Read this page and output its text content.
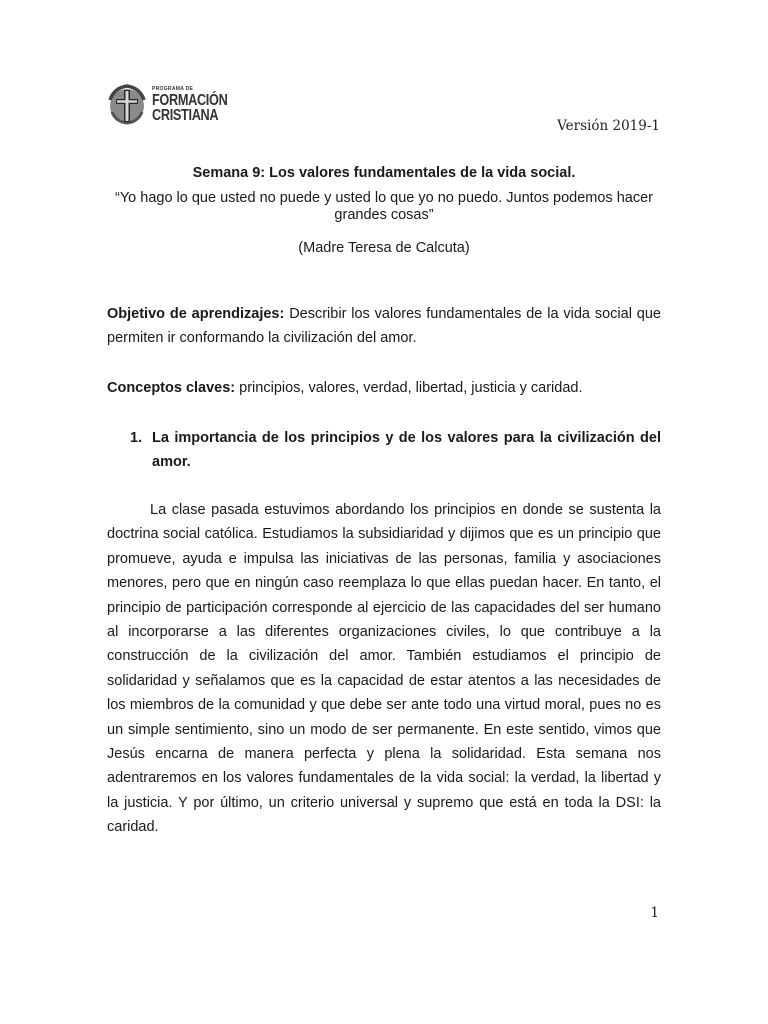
PROGRAMA DE
FORMACIÓN
CRISTIANA
Versión 2019-1
Semana 9: Los valores fundamentales de la vida social.
“Yo hago lo que usted no puede y usted lo que yo no puedo. Juntos podemos hacer grandes cosas”
(Madre Teresa de Calcuta)
Objetivo de aprendizajes: Describir los valores fundamentales de la vida social que permiten ir conformando la civilización del amor.
Conceptos claves: principios, valores, verdad, libertad, justicia y caridad.
1. La importancia de los principios y de los valores para la civilización del amor.
La clase pasada estuvimos abordando los principios en donde se sustenta la doctrina social católica. Estudiamos la subsidiaridad y dijimos que es un principio que promueve, ayuda e impulsa las iniciativas de las personas, familia y asociaciones menores, pero que en ningún caso reemplaza lo que ellas puedan hacer. En tanto, el principio de participación corresponde al ejercicio de las capacidades del ser humano al incorporarse a las diferentes organizaciones civiles, lo que contribuye a la construcción de la civilización del amor. También estudiamos el principio de solidaridad y señalamos que es la capacidad de estar atentos a las necesidades de los miembros de la comunidad y que debe ser ante todo una virtud moral, pues no es un simple sentimiento, sino un modo de ser permanente. En este sentido, vimos que Jesús encarna de manera perfecta y plena la solidaridad. Esta semana nos adentraremos en los valores fundamentales de la vida social: la verdad, la libertad y la justicia. Y por último, un criterio universal y supremo que está en toda la DSI: la caridad.
1
